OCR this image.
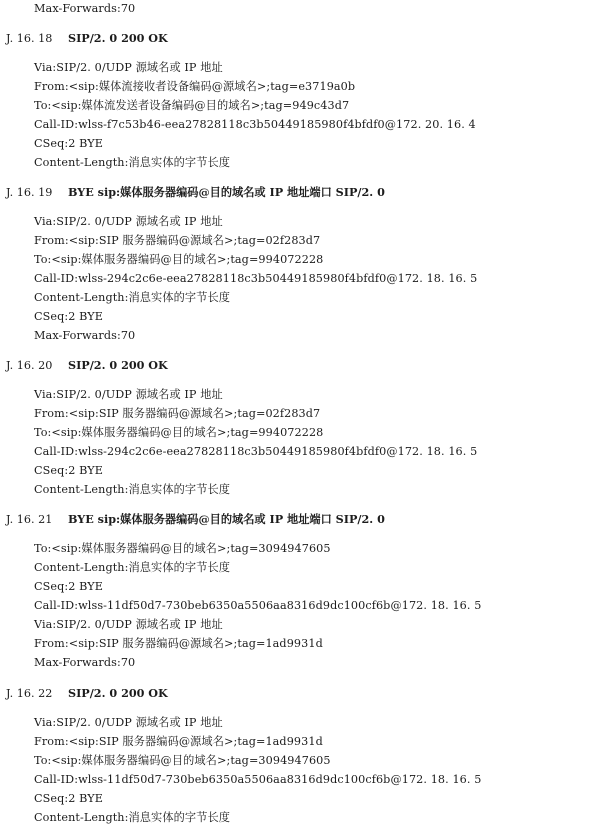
Max-Forwards:70
J. 16. 18 SIP/2. 0 200 OK
Via:SIP/2. 0/UDP 源域名或 IP 地址
From:<sip:媒体流接收者设备编码@源域名>;tag=e3719a0b
To:<sip:媒体流发送者设备编码@目的域名>;tag=949c43d7
Call-ID:wlss-f7c53b46-eea27828118c3b50449185980f4bfdf0@172. 20. 16. 4
CSeq:2 BYE
Content-Length:消息实体的字节长度
J. 16. 19 BYE sip:媒体服务器编码@目的域名或 IP 地址端口 SIP/2. 0
Via:SIP/2. 0/UDP 源域名或 IP 地址
From:<sip:SIP 服务器编码@源域名>;tag=02f283d7
To:<sip:媒体服务器编码@目的域名>;tag=994072228
Call-ID:wlss-294c2c6e-eea27828118c3b50449185980f4bfdf0@172. 18. 16. 5
Content-Length:消息实体的字节长度
CSeq:2 BYE
Max-Forwards:70
J. 16. 20 SIP/2. 0 200 OK
Via:SIP/2. 0/UDP 源域名或 IP 地址
From:<sip:SIP 服务器编码@源域名>;tag=02f283d7
To:<sip:媒体服务器编码@目的域名>;tag=994072228
Call-ID:wlss-294c2c6e-eea27828118c3b50449185980f4bfdf0@172. 18. 16. 5
CSeq:2 BYE
Content-Length:消息实体的字节长度
J. 16. 21 BYE sip:媒体服务器编码@目的域名或 IP 地址端口 SIP/2. 0
To:<sip:媒体服务器编码@目的域名>;tag=3094947605
Content-Length:消息实体的字节长度
CSeq:2 BYE
Call-ID:wlss-11df50d7-730beb6350a5506aa8316d9dc100cf6b@172. 18. 16. 5
Via:SIP/2. 0/UDP 源域名或 IP 地址
From:<sip:SIP 服务器编码@源域名>;tag=1ad9931d
Max-Forwards:70
J. 16. 22 SIP/2. 0 200 OK
Via:SIP/2. 0/UDP 源域名或 IP 地址
From:<sip:SIP 服务器编码@源域名>;tag=1ad9931d
To:<sip:媒体服务器编码@目的域名>;tag=3094947605
Call-ID:wlss-11df50d7-730beb6350a5506aa8316d9dc100cf6b@172. 18. 16. 5
CSeq:2 BYE
Content-Length:消息实体的字节长度
